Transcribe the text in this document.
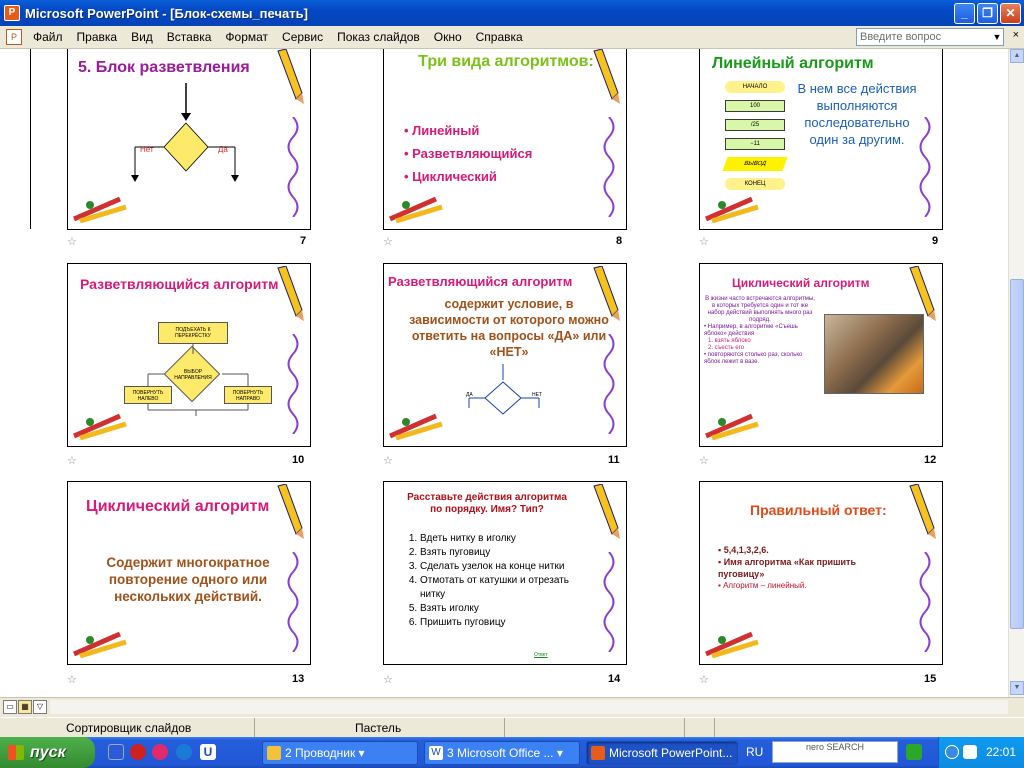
P Microsoft PowerPoint - [Блок-схемы_печать]	_	❐	✕
P	Файл	Правка	Вид	Вставка	Формат	Сервис	Показ слайдов	Окно	Справка	Введите вопрос	▼ ×
5. Блок разветвления
Нет	Да
☆	7
Три вида алгоритмов:
• Линейный
• Разветвляющийся
• Циклический
☆	8
Линейный алгоритм
НАЧАЛО
100
/25
−11
ВЫВОД
КОНЕЦ
В нем все действия выполняются последовательно один за другим.
☆	9
Разветвляющийся алгоритм
ПОДЪЕХАТЬ К ПЕРЕКРЁСТКУ
ВЫБОР НАПРАВЛЕНИЯ
ПОВЕРНУТЬ НАЛЕВО
ПОВЕРНУТЬ НАПРАВО
☆	10
Разветвляющийся алгоритм
содержит условие, в зависимости от которого можно ответить на вопросы «ДА» или «НЕТ»
ДА	НЕТ
☆	11
Циклический алгоритм
В жизни часто встречаются алгоритмы, в которых требуется один и тот же набор действий выполнять много раз подряд.
• Например, в алгоритме «Съешь яблоко» действия
1. взять яблоко
2. съесть его
• повторяются столько раз, сколько яблок лежит в вазе.
☆	12
Циклический алгоритм
Содержит многократное повторение одного или нескольких действий.
☆	13
Расставьте действия алгоритма по порядку. Имя? Тип?
1. Вдеть нитку в иголку
2. Взять пуговицу
3. Сделать узелок на конце нитки
4. Отмотать от катушки и отрезать нитку
5. Взять иголку
6. Пришить пуговицу
Ответ
☆	14
Правильный ответ:
▪ 5,4,1,3,2,6.
▪ Имя алгоритма «Как пришить пуговицу»
▪ Алгоритм – линейный.
☆	15
▲
▼
▭ ▦	▽
Сортировщик слайдов	Пастель
пуск	U	2 Проводник ▾	W 3 Microsoft Office ... ▾	Microsoft PowerPoint...	RU	nero SEARCH	22:01
